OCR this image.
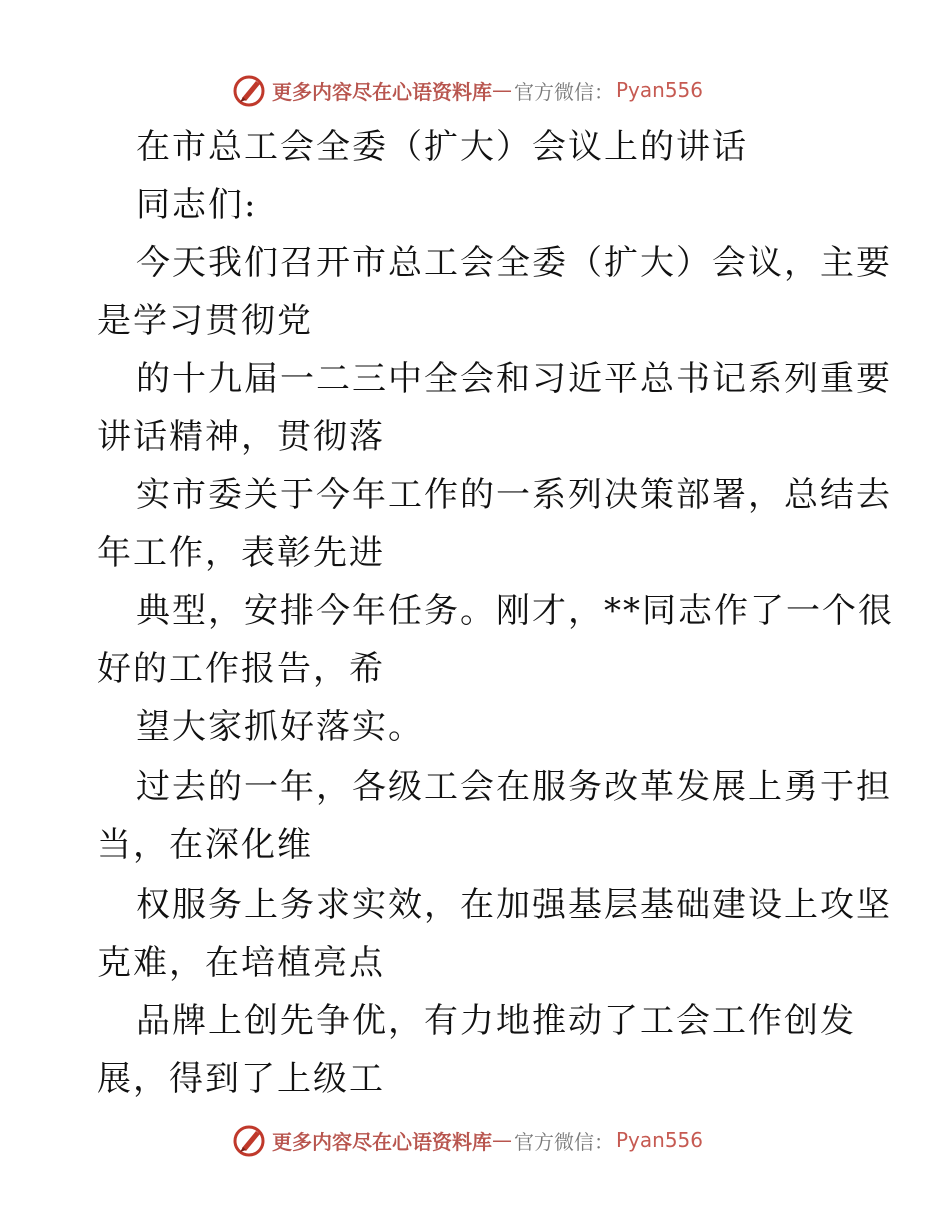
更多内容尽在心语资料库 — 官方微信： Pyan556
在市总工会全委（扩大）会议上的讲话
同志们:
今天我们召开市总工会全委（扩大）会议，主要
是学习贯彻党
的十九届一二三中全会和习近平总书记系列重要
讲话精神，贯彻落
实市委关于今年工作的一系列决策部署，总结去
年工作，表彰先进
典型，安排今年任务。刚才，**同志作了一个很
好的工作报告，希
望大家抓好落实。
过去的一年，各级工会在服务改革发展上勇于担
当，在深化维
权服务上务求实效，在加强基层基础建设上攻坚
克难，在培植亮点
品牌上创先争优，有力地推动了工会工作创发
展，得到了上级工
更多内容尽在心语资料库 — 官方微信： Pyan556
